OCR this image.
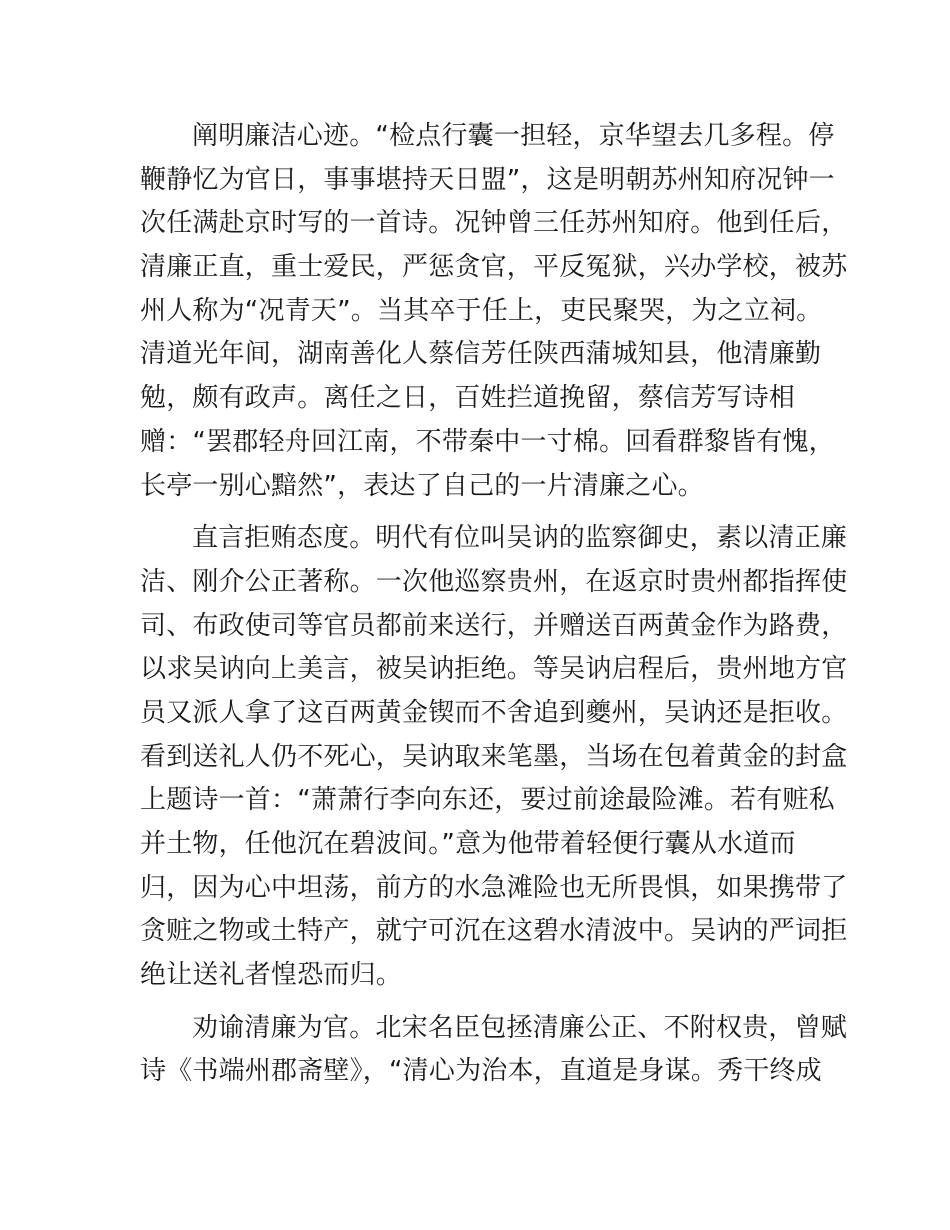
阐明廉洁心迹。“检点行囊一担轻，京华望去几多程。停
鞭静忆为官日，事事堪持天日盟”，这是明朝苏州知府况钟一
次任满赴京时写的一首诗。况钟曾三任苏州知府。他到任后，
清廉正直，重士爱民，严惩贪官，平反冤狱，兴办学校，被苏
州人称为“况青天”。当其卒于任上，吏民聚哭，为之立祠。
清道光年间，湖南善化人蔡信芳任陕西蒲城知县，他清廉勤
勉，颇有政声。离任之日，百姓拦道挽留，蔡信芳写诗相
赠：“罢郡轻舟回江南，不带秦中一寸棉。回看群黎皆有愧，
长亭一别心黯然”，表达了自己的一片清廉之心。
直言拒贿态度。明代有位叫吴讷的监察御史，素以清正廉
洁、刚介公正著称。一次他巡察贵州，在返京时贵州都指挥使
司、布政使司等官员都前来送行，并赠送百两黄金作为路费，
以求吴讷向上美言，被吴讷拒绝。等吴讷启程后，贵州地方官
员又派人拿了这百两黄金锲而不舍追到夔州，吴讷还是拒收。
看到送礼人仍不死心，吴讷取来笔墨，当场在包着黄金的封盒
上题诗一首：“萧萧行李向东还，要过前途最险滩。若有赃私
并土物，任他沉在碧波间。”意为他带着轻便行囊从水道而
归，因为心中坦荡，前方的水急滩险也无所畏惧，如果携带了
贪赃之物或土特产，就宁可沉在这碧水清波中。吴讷的严词拒
绝让送礼者惶恐而归。
劝谕清廉为官。北宋名臣包拯清廉公正、不附权贵，曾赋
诗《书端州郡斋壁》，“清心为治本，直道是身谋。秀干终成
